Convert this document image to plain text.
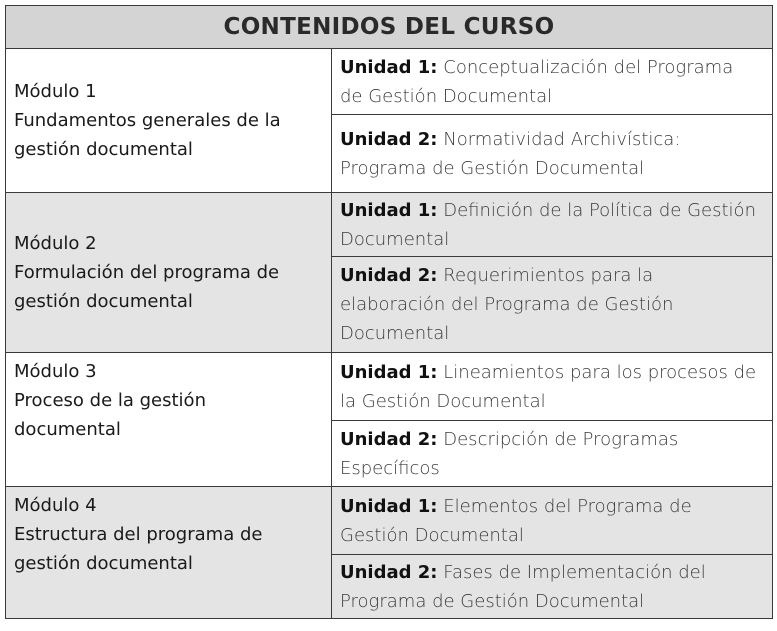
CONTENIDOS DEL CURSO	

Módulo 1
Fundamentos generales de la
gestión documental	Unidad 1: Conceptualización del Programa
de Gestión Documental

	Unidad 2: Normatividad Archivística:
Programa de Gestión Documental

Módulo 2
Formulación del programa de
gestión documental	Unidad 1: Definición de la Política de Gestión
Documental

	Unidad 2: Requerimientos para la
elaboración del Programa de Gestión
Documental

Módulo 3
Proceso de la gestión
documental	Unidad 1: Lineamientos para los procesos de
la Gestión Documental

	Unidad 2: Descripción de Programas
Específicos

Módulo 4
Estructura del programa de
gestión documental	Unidad 1: Elementos del Programa de
Gestión Documental

	Unidad 2: Fases de Implementación del
Programa de Gestión Documental
